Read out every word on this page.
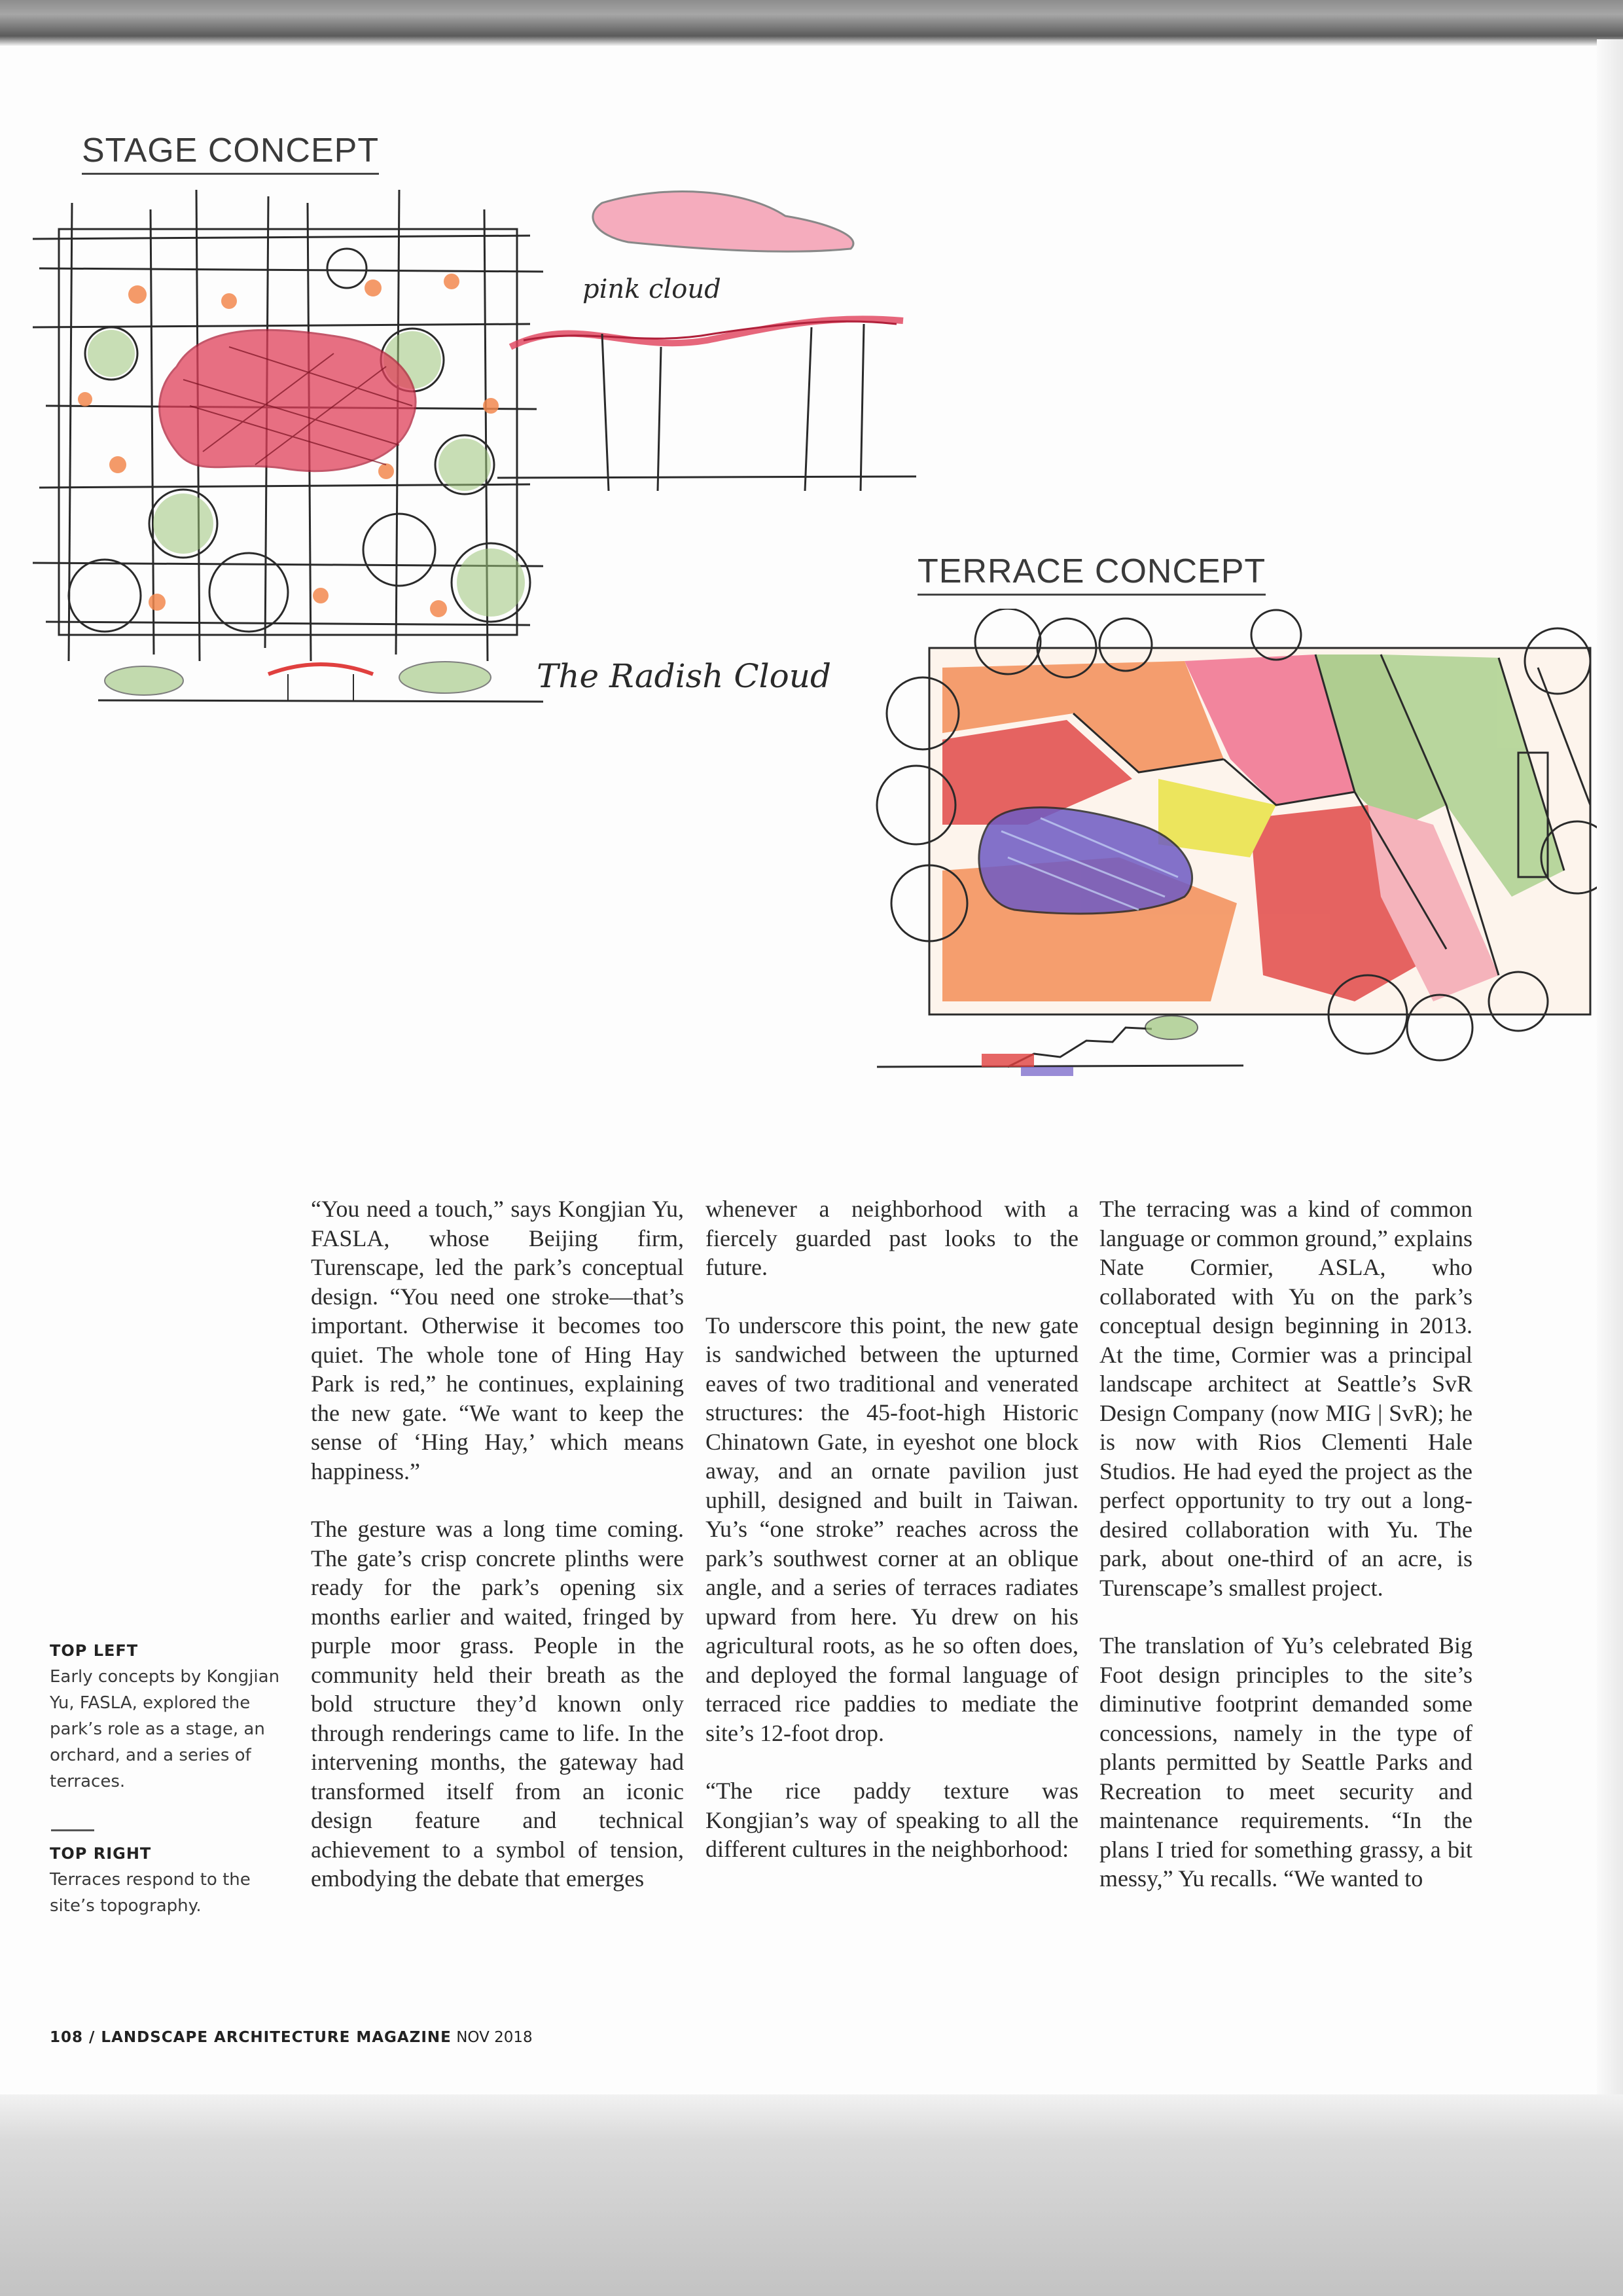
STAGE CONCEPT
pink cloud
The Radish Cloud
TERRACE CONCEPT

“You need a touch,” says Kongjian Yu, FASLA, whose Beijing firm, Turenscape, led the park’s conceptual design. “You need one stroke—that’s important. Otherwise it becomes too quiet. The whole tone of Hing Hay Park is red,” he continues, explaining the new gate. “We want to keep the sense of ‘Hing Hay,’ which means happiness.”

The gesture was a long time coming. The gate’s crisp concrete plinths were ready for the park’s opening six months earlier and waited, fringed by purple moor grass. People in the community held their breath as the bold structure they’d known only through renderings came to life. In the intervening months, the gateway had transformed itself from an iconic design feature and technical achievement to a symbol of tension, embodying the debate that emerges

whenever a neighborhood with a fiercely guarded past looks to the future.

To underscore this point, the new gate is sandwiched between the upturned eaves of two traditional and venerated structures: the 45-foot-high Historic Chinatown Gate, in eyeshot one block away, and an ornate pavilion just uphill, designed and built in Taiwan. Yu’s “one stroke” reaches across the park’s southwest corner at an oblique angle, and a series of terraces radiates upward from here. Yu drew on his agricultural roots, as he so often does, and deployed the formal language of terraced rice paddies to mediate the site’s 12-foot drop.

“The rice paddy texture was Kongjian’s way of speaking to all the different cultures in the neighborhood:

The terracing was a kind of common language or common ground,” explains Nate Cormier, ASLA, who collaborated with Yu on the park’s conceptual design beginning in 2013. At the time, Cormier was a principal landscape architect at Seattle’s SvR Design Company (now MIG | SvR); he is now with Rios Clementi Hale Studios. He had eyed the project as the perfect opportunity to try out a long-desired collaboration with Yu. The park, about one-third of an acre, is Turenscape’s smallest project.

The translation of Yu’s celebrated Big Foot design principles to the site’s diminutive footprint demanded some concessions, namely in the type of plants permitted by Seattle Parks and Recreation to meet security and maintenance requirements. “In the plans I tried for something grassy, a bit messy,” Yu recalls. “We wanted to

TOP LEFT
Early concepts by Kongjian Yu, FASLA, explored the park’s role as a stage, an orchard, and a series of terraces.
TOP RIGHT
Terraces respond to the site’s topography.
108 / LANDSCAPE ARCHITECTURE MAGAZINE NOV 2018
